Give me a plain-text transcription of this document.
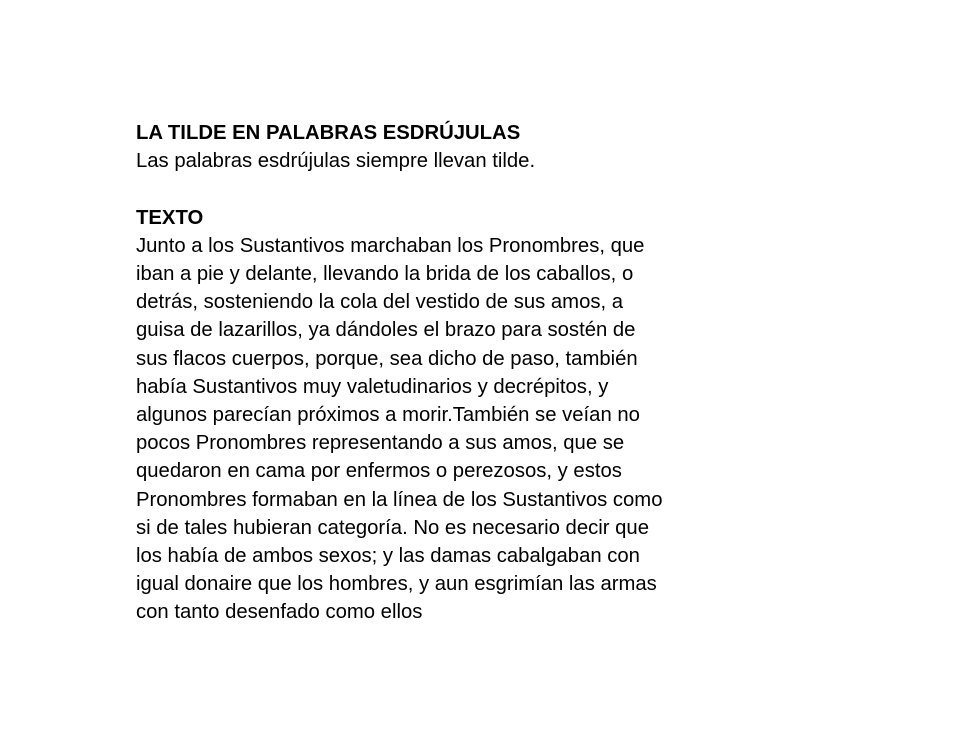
LA TILDE EN PALABRAS ESDRÚJULAS
Las palabras esdrújulas siempre llevan tilde.
TEXTO
Junto a los Sustantivos marchaban los Pronombres, que
iban a pie y delante, llevando la brida de los caballos, o
detrás, sosteniendo la cola del vestido de sus amos, a
guisa de lazarillos, ya dándoles el brazo para sostén de
sus flacos cuerpos, porque, sea dicho de paso, también
había Sustantivos muy valetudinarios y decrépitos, y
algunos parecían próximos a morir.También se veían no
pocos Pronombres representando a sus amos, que se
quedaron en cama por enfermos o perezosos, y estos
Pronombres formaban en la línea de los Sustantivos como
si de tales hubieran categoría. No es necesario decir que
los había de ambos sexos; y las damas cabalgaban con
igual donaire que los hombres, y aun esgrimían las armas
con tanto desenfado como ellos
